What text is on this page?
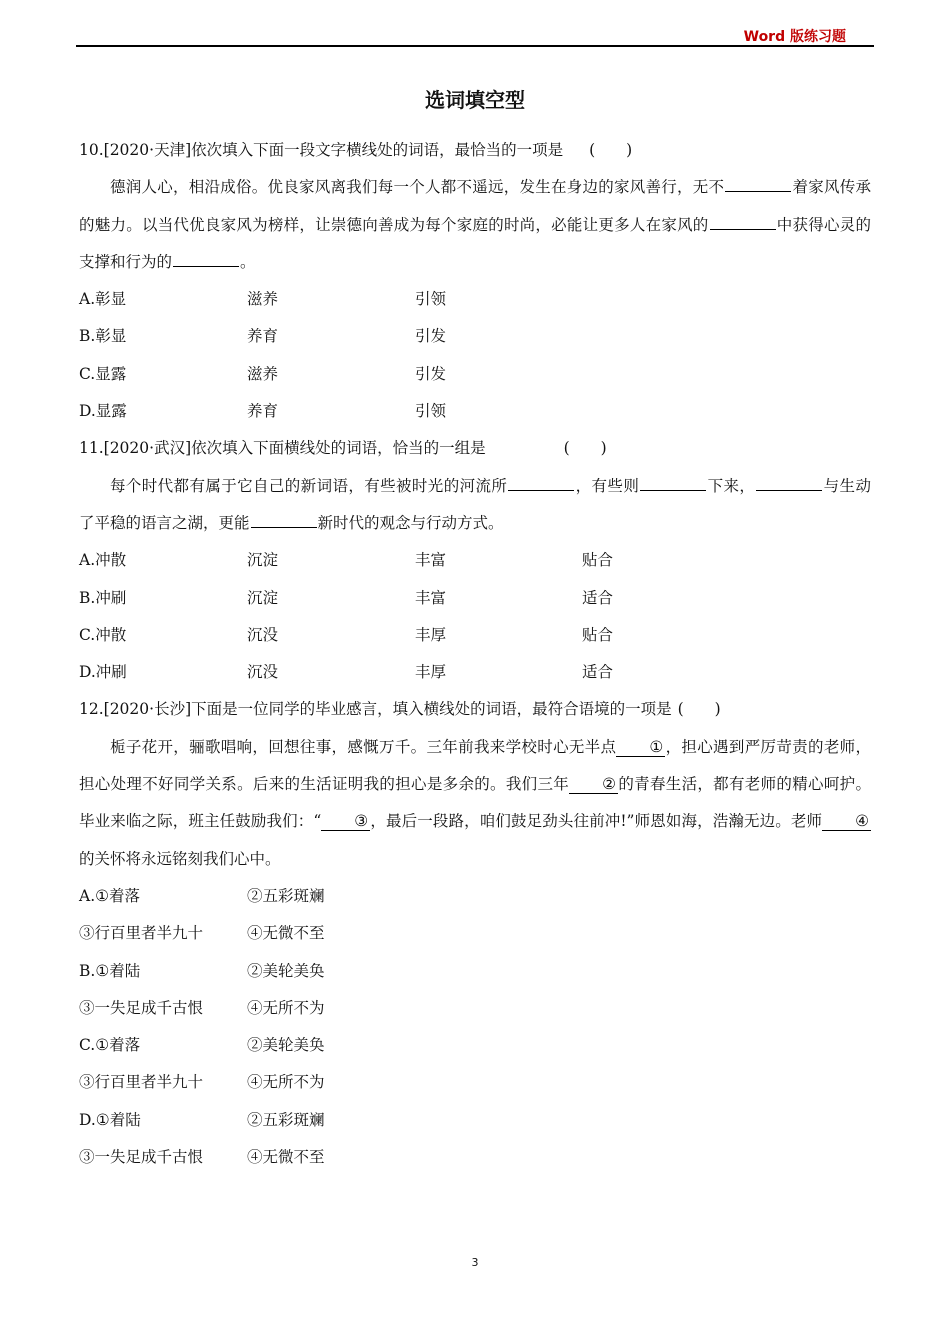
Word 版练习题
选词填空型
10.[2020·天津]依次填入下面一段文字横线处的词语，最恰当的一项是 (　　)
德润人心，相沿成俗。优良家风离我们每一个人都不遥远，发生在身边的家风善行，无不	着家风传承的魅力。以当代优良家风为榜样，让崇德向善成为每个家庭的时尚，必能让更多人在家风的	中获得心灵的支撑和行为的	。
A.彰显	滋养	引领
B.彰显	养育	引发
C.显露	滋养	引发
D.显露	养育	引领
11.[2020·武汉]依次填入下面横线处的词语，恰当的一组是	(　　)
每个时代都有属于它自己的新词语，有些被时光的河流所	，有些则	下来，	与生动了平稳的语言之湖，更能	新时代的观念与行动方式。
A.冲散	沉淀	丰富	贴合
B.冲刷	沉淀	丰富	适合
C.冲散	沉没	丰厚	贴合
D.冲刷	沉没	丰厚	适合
12.[2020·长沙]下面是一位同学的毕业感言，填入横线处的词语，最符合语境的一项是 (　　)
栀子花开，骊歌唱响，回想往事，感慨万千。三年前我来学校时心无半点 ① ，担心遇到严厉苛责的老师，担心处理不好同学关系。后来的生活证明我的担心是多余的。我们三年 ② 的青春生活，都有老师的精心呵护。毕业来临之际，班主任鼓励我们：“ ③ ，最后一段路，咱们鼓足劲头往前冲!”师恩如海，浩瀚无边。老师 ④的关怀将永远铭刻我们心中。
A.①着落	②五彩斑斓
③行百里者半九十	④无微不至
B.①着陆	②美轮美奂
③一失足成千古恨	④无所不为
C.①着落	②美轮美奂
③行百里者半九十	④无所不为
D.①着陆	②五彩斑斓
③一失足成千古恨	④无微不至
3
